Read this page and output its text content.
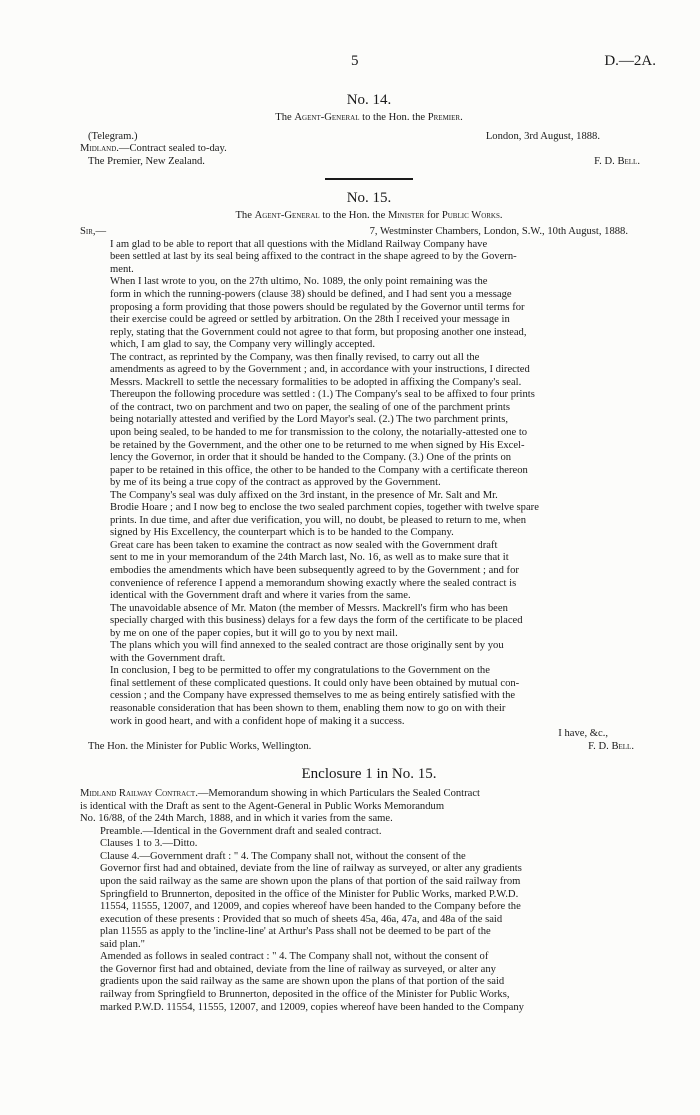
5	D.—2A.
No. 14.
The Agent-General to the Hon. the Premier.
(Telegram.)	London, 3rd August, 1888.
Midland.—Contract sealed to-day.
The Premier, New Zealand.	F. D. Bell.
No. 15.
The Agent-General to the Hon. the Minister for Public Works.
Sir,—	7, Westminster Chambers, London, S.W., 10th August, 1888.

I am glad to be able to report that all questions with the Midland Railway Company have
been settled at last by its seal being affixed to the contract in the shape agreed to by the Govern-
ment.

When I last wrote to you, on the 27th ultimo, No. 1089, the only point remaining was the
form in which the running-powers (clause 38) should be defined, and I had sent you a message
proposing a form providing that those powers should be regulated by the Governor until terms for
their exercise could be agreed or settled by arbitration. On the 28th I received your message in
reply, stating that the Government could not agree to that form, but proposing another one instead,
which, I am glad to say, the Company very willingly accepted.

The contract, as reprinted by the Company, was then finally revised, to carry out all the
amendments as agreed to by the Government ; and, in accordance with your instructions, I directed
Messrs. Mackrell to settle the necessary formalities to be adopted in affixing the Company's seal.
Thereupon the following procedure was settled : (1.) The Company's seal to be affixed to four prints
of the contract, two on parchment and two on paper, the sealing of one of the parchment prints
being notarially attested and verified by the Lord Mayor's seal. (2.) The two parchment prints,
upon being sealed, to be handed to me for transmission to the colony, the notarially-attested one to
be retained by the Government, and the other one to be returned to me when signed by His Excel-
lency the Governor, in order that it should be handed to the Company. (3.) One of the prints on
paper to be retained in this office, the other to be handed to the Company with a certificate thereon
by me of its being a true copy of the contract as approved by the Government.

The Company's seal was duly affixed on the 3rd instant, in the presence of Mr. Salt and Mr.
Brodie Hoare ; and I now beg to enclose the two sealed parchment copies, together with twelve spare
prints. In due time, and after due verification, you will, no doubt, be pleased to return to me, when
signed by His Excellency, the counterpart which is to be handed to the Company.

Great care has been taken to examine the contract as now sealed with the Government draft
sent to me in your memorandum of the 24th March last, No. 16, as well as to make sure that it
embodies the amendments which have been subsequently agreed to by the Government ; and for
convenience of reference I append a memorandum showing exactly where the sealed contract is
identical with the Government draft and where it varies from the same.

The unavoidable absence of Mr. Maton (the member of Messrs. Mackrell's firm who has been
specially charged with this business) delays for a few days the form of the certificate to be placed
by me on one of the paper copies, but it will go to you by next mail.

The plans which you will find annexed to the sealed contract are those originally sent by you
with the Government draft.

In conclusion, I beg to be permitted to offer my congratulations to the Government on the
final settlement of these complicated questions. It could only have been obtained by mutual con-
cession ; and the Company have expressed themselves to me as being entirely satisfied with the
reasonable consideration that has been shown to them, enabling them now to go on with their
work in good heart, and with a confident hope of making it a success.

I have, &c.,
The Hon. the Minister for Public Works, Wellington.	F. D. Bell.
Enclosure 1 in No. 15.
Midland Railway Contract.—Memorandum showing in which Particulars the Sealed Contract
is identical with the Draft as sent to the Agent-General in Public Works Memorandum
No. 16/88, of the 24th March, 1888, and in which it varies from the same.
Preamble.—Identical in the Government draft and sealed contract.
Clauses 1 to 3.—Ditto.

Clause 4.—Government draft : " 4. The Company shall not, without the consent of the
Governor first had and obtained, deviate from the line of railway as surveyed, or alter any gradients
upon the said railway as the same are shown upon the plans of that portion of the said railway from
Springfield to Brunnerton, deposited in the office of the Minister for Public Works, marked P.W.D.
11554, 11555, 12007, and 12009, and copies whereof have been handed to the Company before the
execution of these presents : Provided that so much of sheets 45a, 46a, 47a, and 48a of the said
plan 11555 as apply to the 'incline-line' at Arthur's Pass shall not be deemed to be part of the
said plan."

Amended as follows in sealed contract : " 4. The Company shall not, without the consent of
the Governor first had and obtained, deviate from the line of railway as surveyed, or alter any
gradients upon the said railway as the same are shown upon the plans of that portion of the said
railway from Springfield to Brunnerton, deposited in the office of the Minister for Public Works,
marked P.W.D. 11554, 11555, 12007, and 12009, copies whereof have been handed to the Company
